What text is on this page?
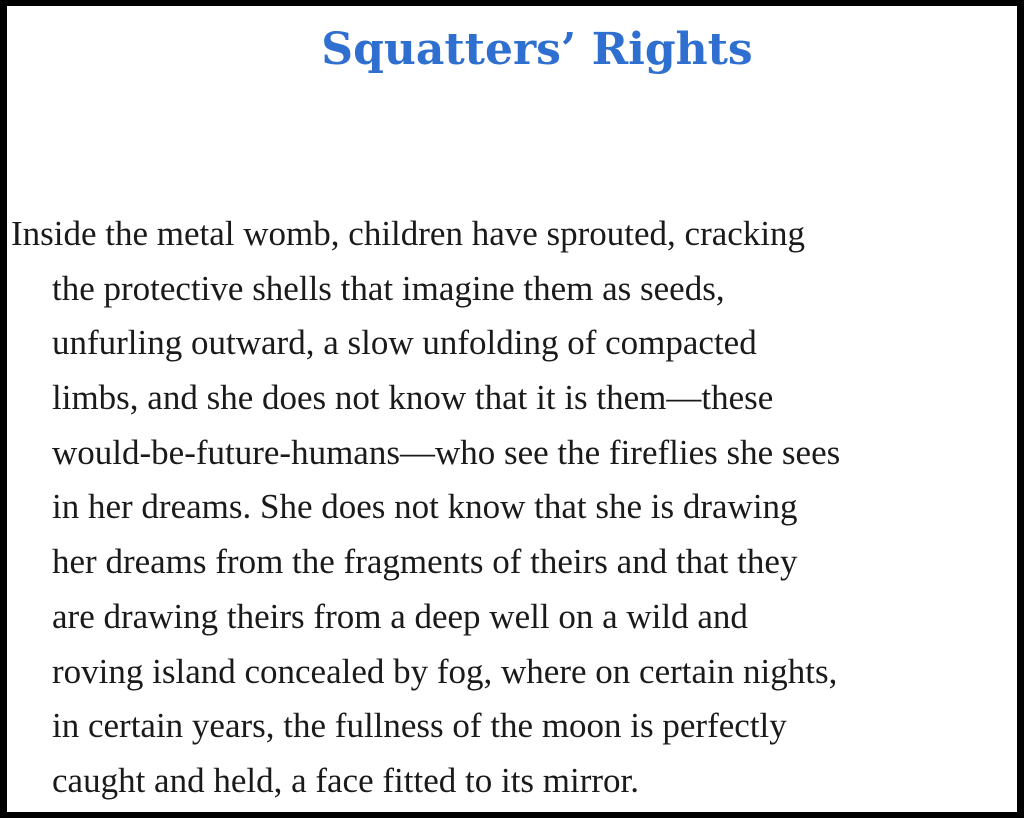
Squatters’ Rights
Inside the metal womb, children have sprouted, cracking
the protective shells that imagine them as seeds,
unfurling outward, a slow unfolding of compacted
limbs, and she does not know that it is them—these
would-be-future-humans—who see the fireflies she sees
in her dreams. She does not know that she is drawing
her dreams from the fragments of theirs and that they
are drawing theirs from a deep well on a wild and
roving island concealed by fog, where on certain nights,
in certain years, the fullness of the moon is perfectly
caught and held, a face fitted to its mirror.
